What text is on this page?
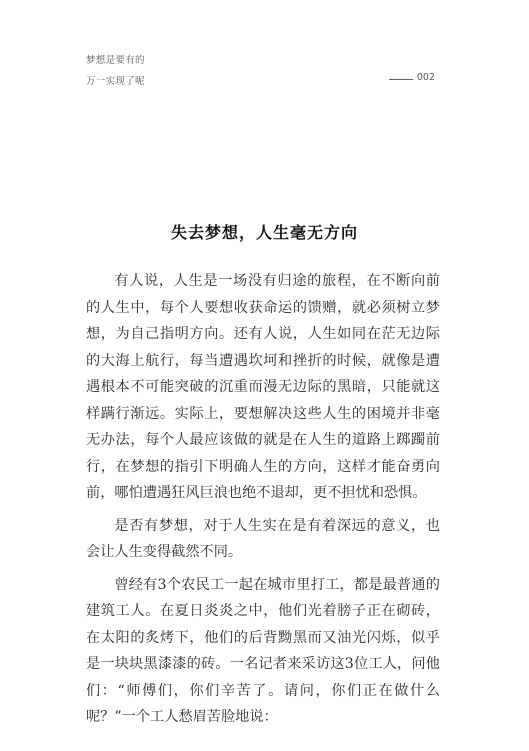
梦想是要有的
万一实现了呢	002
失去梦想，人生毫无方向

有人说，人生是一场没有归途的旅程，在不断向前的人生中，每个人要想收获命运的馈赠，就必须树立梦想，为自己指明方向。还有人说，人生如同在茫无边际的大海上航行，每当遭遇坎坷和挫折的时候，就像是遭遇根本不可能突破的沉重而漫无边际的黑暗，只能就这样蹒行渐远。实际上，要想解决这些人生的困境并非毫无办法，每个人最应该做的就是在人生的道路上踯躅前行，在梦想的指引下明确人生的方向，这样才能奋勇向前，哪怕遭遇狂风巨浪也绝不退却，更不担忧和恐惧。

是否有梦想，对于人生实在是有着深远的意义，也会让人生变得截然不同。

曾经有3个农民工一起在城市里打工，都是最普通的建筑工人。在夏日炎炎之中，他们光着膀子正在砌砖，在太阳的炙烤下，他们的后背黝黑而又油光闪烁，似乎是一块块黑漆漆的砖。一名记者来采访这3位工人，问他们：“师傅们，你们辛苦了。请问，你们正在做什么呢？”一个工人愁眉苦脸地说：
